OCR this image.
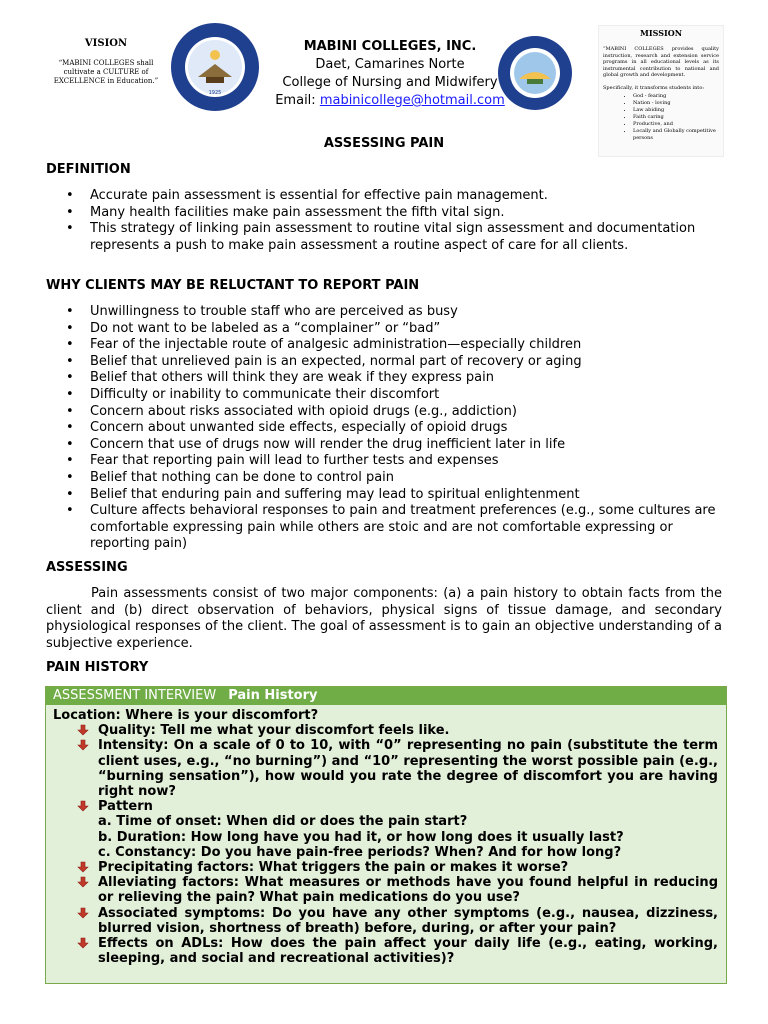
VISION
“MABINI COLLEGES shall cultivate a CULTURE of EXCELLENCE in Education.”
1925
MABINI COLLEGES, INC.
Daet, Camarines Norte
College of Nursing and Midwifery
Email: mabinicollege@hotmail.com
MISSION
“MABINI COLLEGES provides quality instruction, research and extension service programs in all educational levels as its instrumental contribution to national and global growth and development.
Specifically, it transforms students into:
• God - fearing
• Nation - loving
• Law abiding
• Faith caring
• Productive, and
• Locally and Globally competitive persons
ASSESSING PAIN
DEFINITION
• Accurate pain assessment is essential for effective pain management.
• Many health facilities make pain assessment the fifth vital sign.
• This strategy of linking pain assessment to routine vital sign assessment and documentation represents a push to make pain assessment a routine aspect of care for all clients.
WHY CLIENTS MAY BE RELUCTANT TO REPORT PAIN
• Unwillingness to trouble staff who are perceived as busy
• Do not want to be labeled as a “complainer” or “bad”
• Fear of the injectable route of analgesic administration—especially children
• Belief that unrelieved pain is an expected, normal part of recovery or aging
• Belief that others will think they are weak if they express pain
• Difficulty or inability to communicate their discomfort
• Concern about risks associated with opioid drugs (e.g., addiction)
• Concern about unwanted side effects, especially of opioid drugs
• Concern that use of drugs now will render the drug inefficient later in life
• Fear that reporting pain will lead to further tests and expenses
• Belief that nothing can be done to control pain
• Belief that enduring pain and suffering may lead to spiritual enlightenment
• Culture affects behavioral responses to pain and treatment preferences (e.g., some cultures are comfortable expressing pain while others are stoic and are not comfortable expressing or reporting pain)
ASSESSING
Pain assessments consist of two major components: (a) a pain history to obtain facts from the client and (b) direct observation of behaviors, physical signs of tissue damage, and secondary physiological responses of the client. The goal of assessment is to gain an objective understanding of a subjective experience.
PAIN HISTORY
ASSESSMENT INTERVIEW Pain History
Location: Where is your discomfort?
Quality: Tell me what your discomfort feels like.
Intensity: On a scale of 0 to 10, with “0” representing no pain (substitute the term client uses, e.g., “no burning”) and “10” representing the worst possible pain (e.g., “burning sensation”), how would you rate the degree of discomfort you are having right now?
Pattern
a. Time of onset: When did or does the pain start?
b. Duration: How long have you had it, or how long does it usually last?
c. Constancy: Do you have pain-free periods? When? And for how long?
Precipitating factors: What triggers the pain or makes it worse?
Alleviating factors: What measures or methods have you found helpful in reducing or relieving the pain? What pain medications do you use?
Associated symptoms: Do you have any other symptoms (e.g., nausea, dizziness, blurred vision, shortness of breath) before, during, or after your pain?
Effects on ADLs: How does the pain affect your daily life (e.g., eating, working, sleeping, and social and recreational activities)?
